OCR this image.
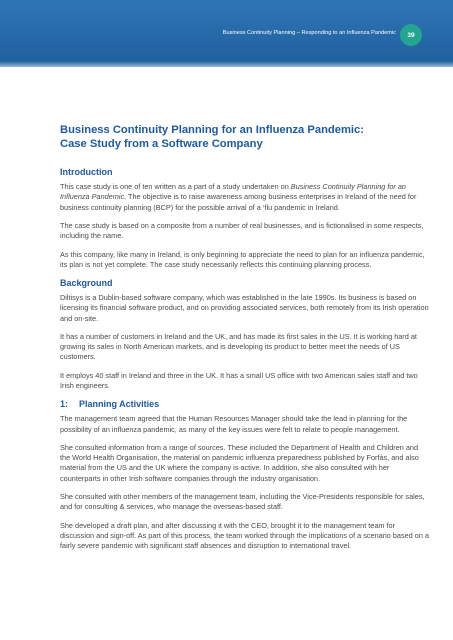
Business Continuity Planning – Responding to an Influenza Pandemic	39
Business Continuity Planning for an Influenza Pandemic:
Case Study from a Software Company
Introduction

This case study is one of ten written as a part of a study undertaken on Business Continuity Planning for an Influenza Pandemic. The objective is to raise awareness among business enterprises in Ireland of the need for business continuity planning (BCP) for the possible arrival of a ‘flu pandemic in Ireland.

The case study is based on a composite from a number of real businesses, and is fictionalised in some respects, including the name.

As this company, like many in Ireland, is only beginning to appreciate the need to plan for an influenza pandemic, its plan is not yet complete. The case study necessarily reflects this continuing planning process.

Background

Diltisys is a Dublin-based software company, which was established in the late 1990s. Its business is based on licensing its financial software product, and on providing associated services, both remotely from its Irish operation and on-site.

It has a number of customers in Ireland and the UK, and has made its first sales in the US. It is working hard at growing its sales in North American markets, and is developing its product to better meet the needs of US customers.

It employs 40 staff in Ireland and three in the UK. It has a small US office with two American sales staff and two Irish engineers.

1: Planning Activities

The management team agreed that the Human Resources Manager should take the lead in planning for the possibility of an influenza pandemic, as many of the key issues were felt to relate to people management.

She consulted information from a range of sources. These included the Department of Health and Children and the World Health Organisation, the material on pandemic influenza preparedness published by Forfás, and also material from the US and the UK where the company is active. In addition, she also consulted with her counterparts in other Irish software companies through the industry organisation.

She consulted with other members of the management team, including the Vice-Presidents responsible for sales, and for consulting & services, who manage the overseas-based staff.

She developed a draft plan, and after discussing it with the CEO, brought it to the management team for discussion and sign-off. As part of this process, the team worked through the implications of a scenario based on a fairly severe pandemic with significant staff absences and disruption to international travel.
